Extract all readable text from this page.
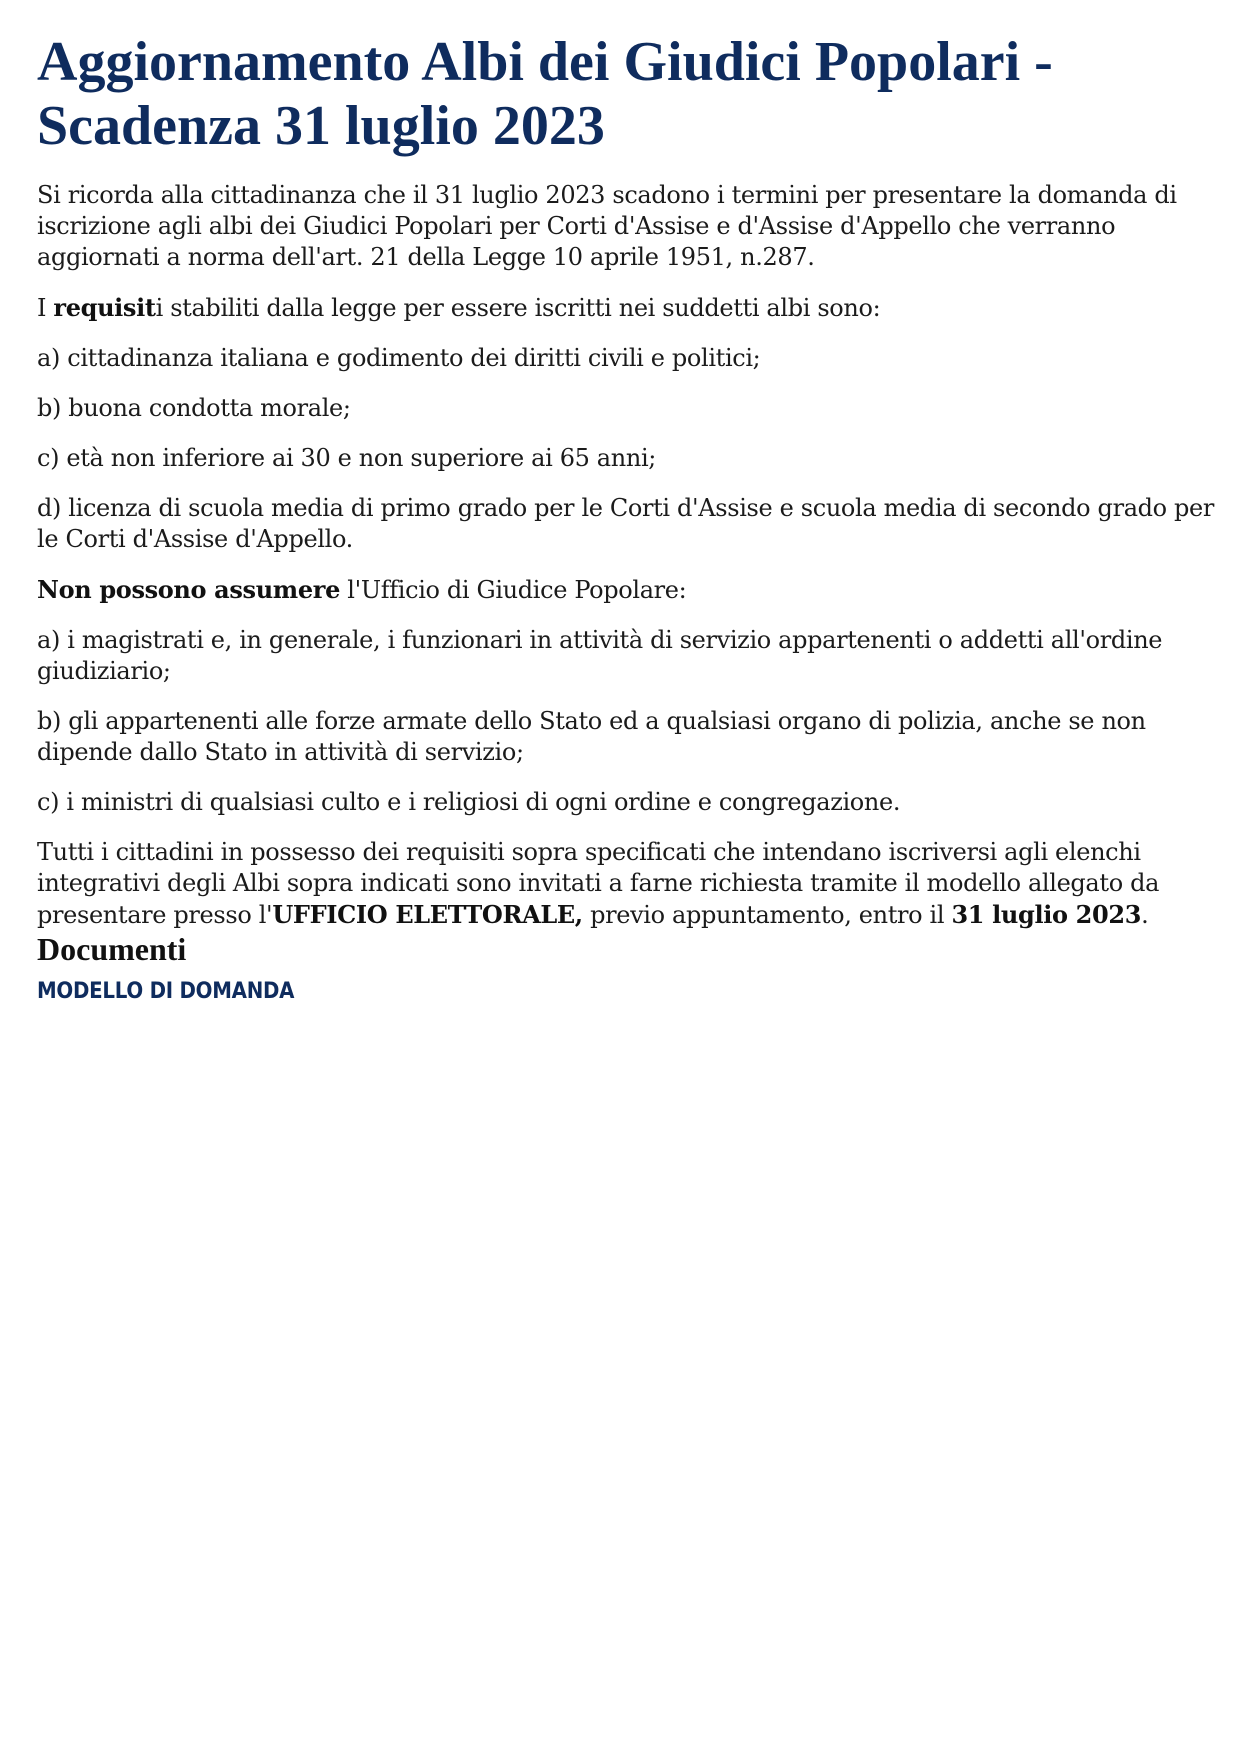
Aggiornamento Albi dei Giudici Popolari - Scadenza 31 luglio 2023

Si ricorda alla cittadinanza che il 31 luglio 2023 scadono i termini per presentare la domanda di iscrizione agli albi dei Giudici Popolari per Corti d'Assise e d'Assise d'Appello che verranno aggiornati a norma dell'art. 21 della Legge 10 aprile 1951, n.287.

I requisiti stabiliti dalla legge per essere iscritti nei suddetti albi sono:

a) cittadinanza italiana e godimento dei diritti civili e politici;

b) buona condotta morale;

c) età non inferiore ai 30 e non superiore ai 65 anni;

d) licenza di scuola media di primo grado per le Corti d'Assise e scuola media di secondo grado per le Corti d'Assise d'Appello.

Non possono assumere l'Ufficio di Giudice Popolare:

a) i magistrati e, in generale, i funzionari in attività di servizio appartenenti o addetti all'ordine giudiziario;

b) gli appartenenti alle forze armate dello Stato ed a qualsiasi organo di polizia, anche se non dipende dallo Stato in attività di servizio;

c) i ministri di qualsiasi culto e i religiosi di ogni ordine e congregazione.

Tutti i cittadini in possesso dei requisiti sopra specificati che intendano iscriversi agli elenchi integrativi degli Albi sopra indicati sono invitati a farne richiesta tramite il modello allegato da presentare presso l'UFFICIO ELETTORALE, previo appuntamento, entro il 31 luglio 2023.

Documenti
MODELLO DI DOMANDA
